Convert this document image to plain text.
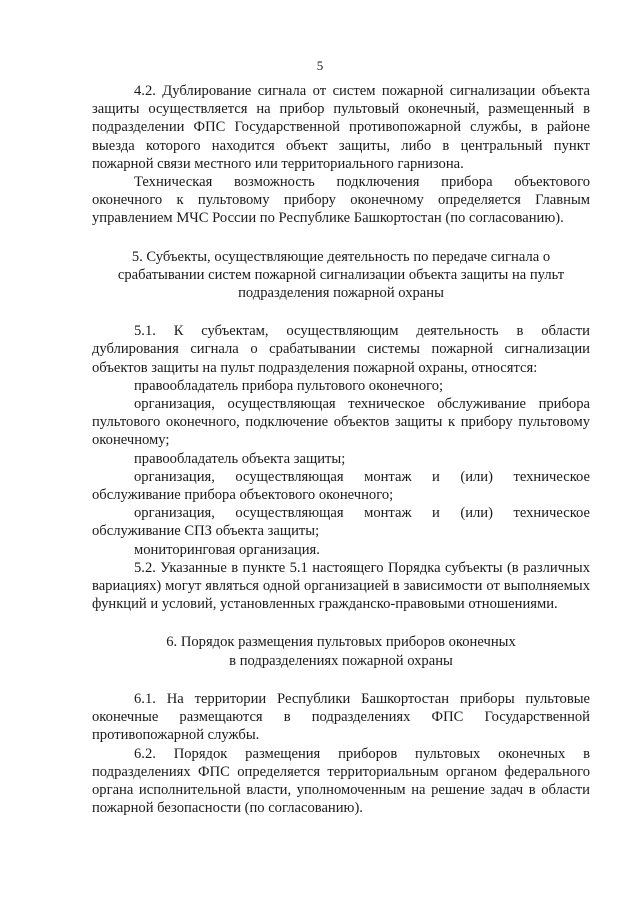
5

4.2. Дублирование сигнала от систем пожарной сигнализации объекта защиты осуществляется на прибор пультовый оконечный, размещенный в подразделении ФПС Государственной противопожарной службы, в районе выезда которого находится объект защиты, либо в центральный пункт пожарной связи местного или территориального гарнизона.

Техническая возможность подключения прибора объектового оконечного к пультовому прибору оконечному определяется Главным управлением МЧС России по Республике Башкортостан (по согласованию).

5. Субъекты, осуществляющие деятельность по передаче сигнала о срабатывании систем пожарной сигнализации объекта защиты на пульт подразделения пожарной охраны

5.1. К субъектам, осуществляющим деятельность в области дублирования сигнала о срабатывании системы пожарной сигнализации объектов защиты на пульт подразделения пожарной охраны, относятся:

правообладатель прибора пультового оконечного;

организация, осуществляющая техническое обслуживание прибора пультового оконечного, подключение объектов защиты к прибору пультовому оконечному;

правообладатель объекта защиты;

организация, осуществляющая монтаж и (или) техническое обслуживание прибора объектового оконечного;

организация, осуществляющая монтаж и (или) техническое обслуживание СПЗ объекта защиты;

мониторинговая организация.

5.2. Указанные в пункте 5.1 настоящего Порядка субъекты (в различных вариациях) могут являться одной организацией в зависимости от выполняемых функций и условий, установленных гражданско-правовыми отношениями.

6. Порядок размещения пультовых приборов оконечных
в подразделениях пожарной охраны

6.1. На территории Республики Башкортостан приборы пультовые оконечные размещаются в подразделениях ФПС Государственной противопожарной службы.

6.2. Порядок размещения приборов пультовых оконечных в подразделениях ФПС определяется территориальным органом федерального органа исполнительной власти, уполномоченным на решение задач в области пожарной безопасности (по согласованию).
